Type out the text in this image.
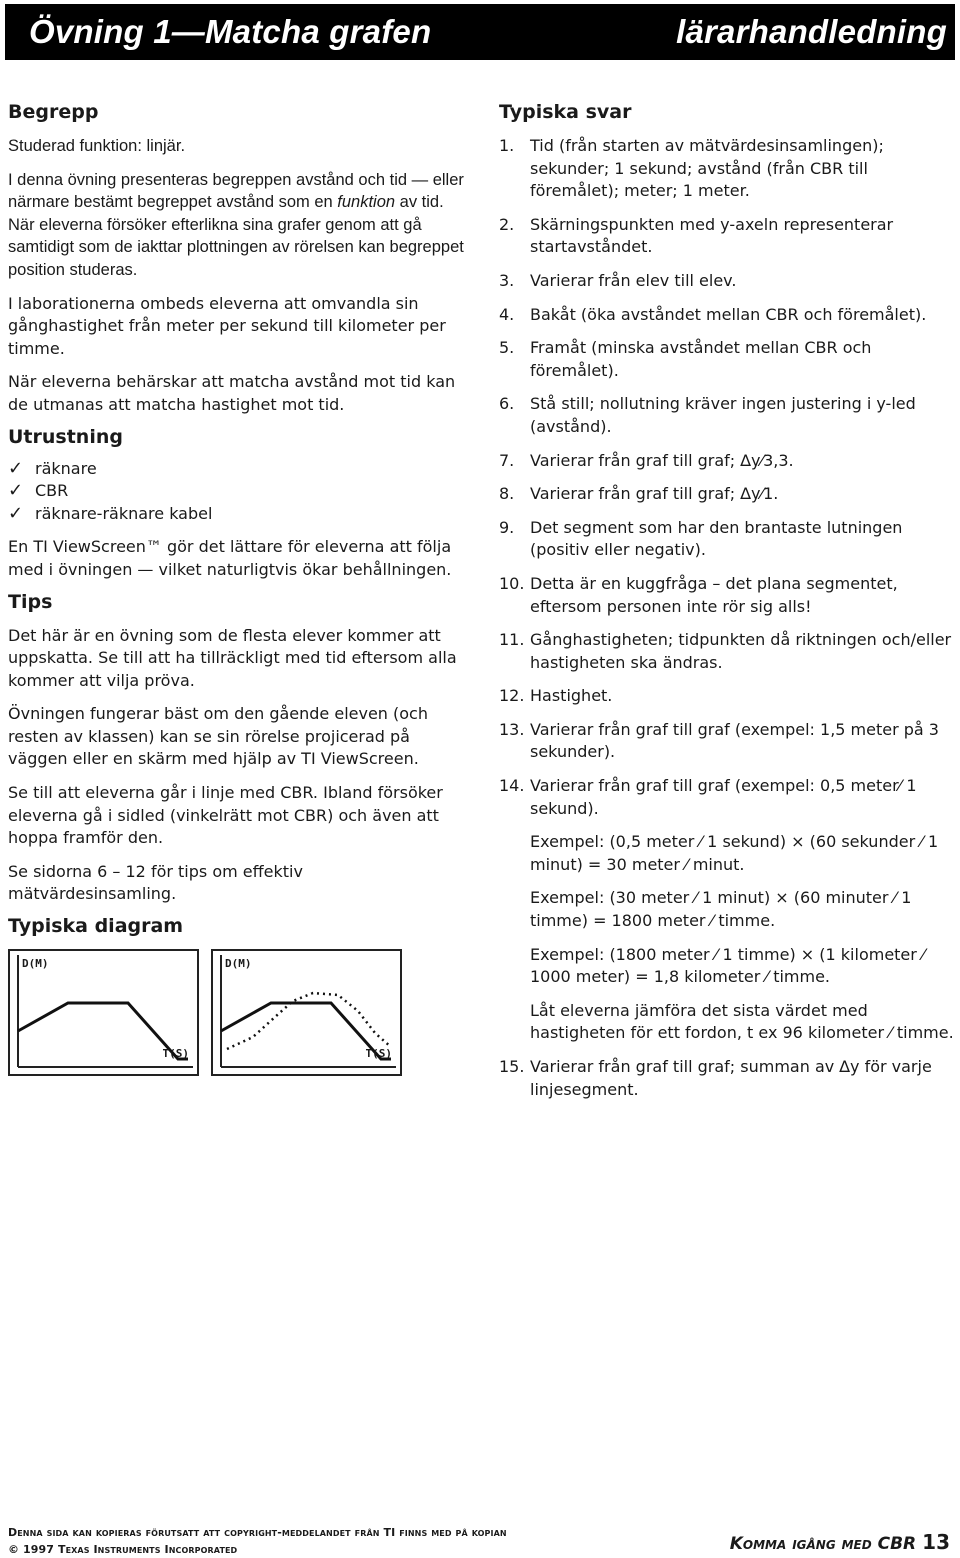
Övning 1—Matcha grafen	lärarhandledning
Begrepp

Studerad funktion: linjär.

I denna övning presenteras begreppen avstånd och tid — eller närmare bestämt begreppet avstånd som en funktion av tid. När eleverna försöker efterlikna sina grafer genom att gå samtidigt som de iakttar plottningen av rörelsen kan begreppet position studeras.

I laborationerna ombeds eleverna att omvandla sin gånghastighet från meter per sekund till kilometer per timme.

När eleverna behärskar att matcha avstånd mot tid kan de utmanas att matcha hastighet mot tid.

Utrustning
✓ räknare
✓ CBR
✓ räknare-räknare kabel

En TI ViewScreen™ gör det lättare för eleverna att följa med i övningen — vilket naturligtvis ökar behållningen.

Tips

Det här är en övning som de flesta elever kommer att uppskatta. Se till att ha tillräckligt med tid eftersom alla kommer att vilja pröva.

Övningen fungerar bäst om den gående eleven (och resten av klassen) kan se sin rörelse projicerad på väggen eller en skärm med hjälp av TI ViewScreen.

Se till att eleverna går i linje med CBR. Ibland försöker eleverna gå i sidled (vinkelrätt mot CBR) och även att hoppa framför den.

Se sidorna 6 – 12 för tips om effektiv mätvärdesinsamling.

Typiska diagram
D(M)
T(S)
D(M)
T(S)
Typiska svar
1. Tid (från starten av mätvärdesinsamlingen); sekunder; 1 sekund; avstånd (från CBR till föremålet); meter; 1 meter.
2. Skärningspunkten med y-axeln representerar startavståndet.
3. Varierar från elev till elev.
4. Bakåt (öka avståndet mellan CBR och föremålet).
5. Framåt (minska avståndet mellan CBR och föremålet).
6. Stå still; nollutning kräver ingen justering i y-led (avstånd).
7. Varierar från graf till graf; ∆y⁄3,3.
8. Varierar från graf till graf; ∆y⁄1.
9. Det segment som har den brantaste lutningen (positiv eller negativ).
10. Detta är en kuggfråga – det plana segmentet, eftersom personen inte rör sig alls!
11. Gånghastigheten; tidpunkten då riktningen och/eller hastigheten ska ändras.
12. Hastighet.
13. Varierar från graf till graf (exempel: 1,5 meter på 3 sekunder).
14. Varierar från graf till graf (exempel: 0,5 meter⁄ 1 sekund).

Exempel: (0,5 meter ⁄ 1 sekund) × (60 sekunder ⁄ 1 minut) = 30 meter ⁄ minut.

Exempel: (30 meter ⁄ 1 minut) × (60 minuter ⁄ 1 timme) = 1800 meter ⁄ timme.

Exempel: (1800 meter ⁄ 1 timme) × (1 kilometer ⁄ 1000 meter) = 1,8 kilometer ⁄ timme.

Låt eleverna jämföra det sista värdet med hastigheten för ett fordon, t ex 96 kilometer ⁄ timme.

15. Varierar från graf till graf; summan av ∆y för varje linjesegment.
Denna sida kan kopieras förutsatt att copyright-meddelandet från TI finns med på kopian
© 1997 Texas Instruments Incorporated	Komma igång med CBR 13
